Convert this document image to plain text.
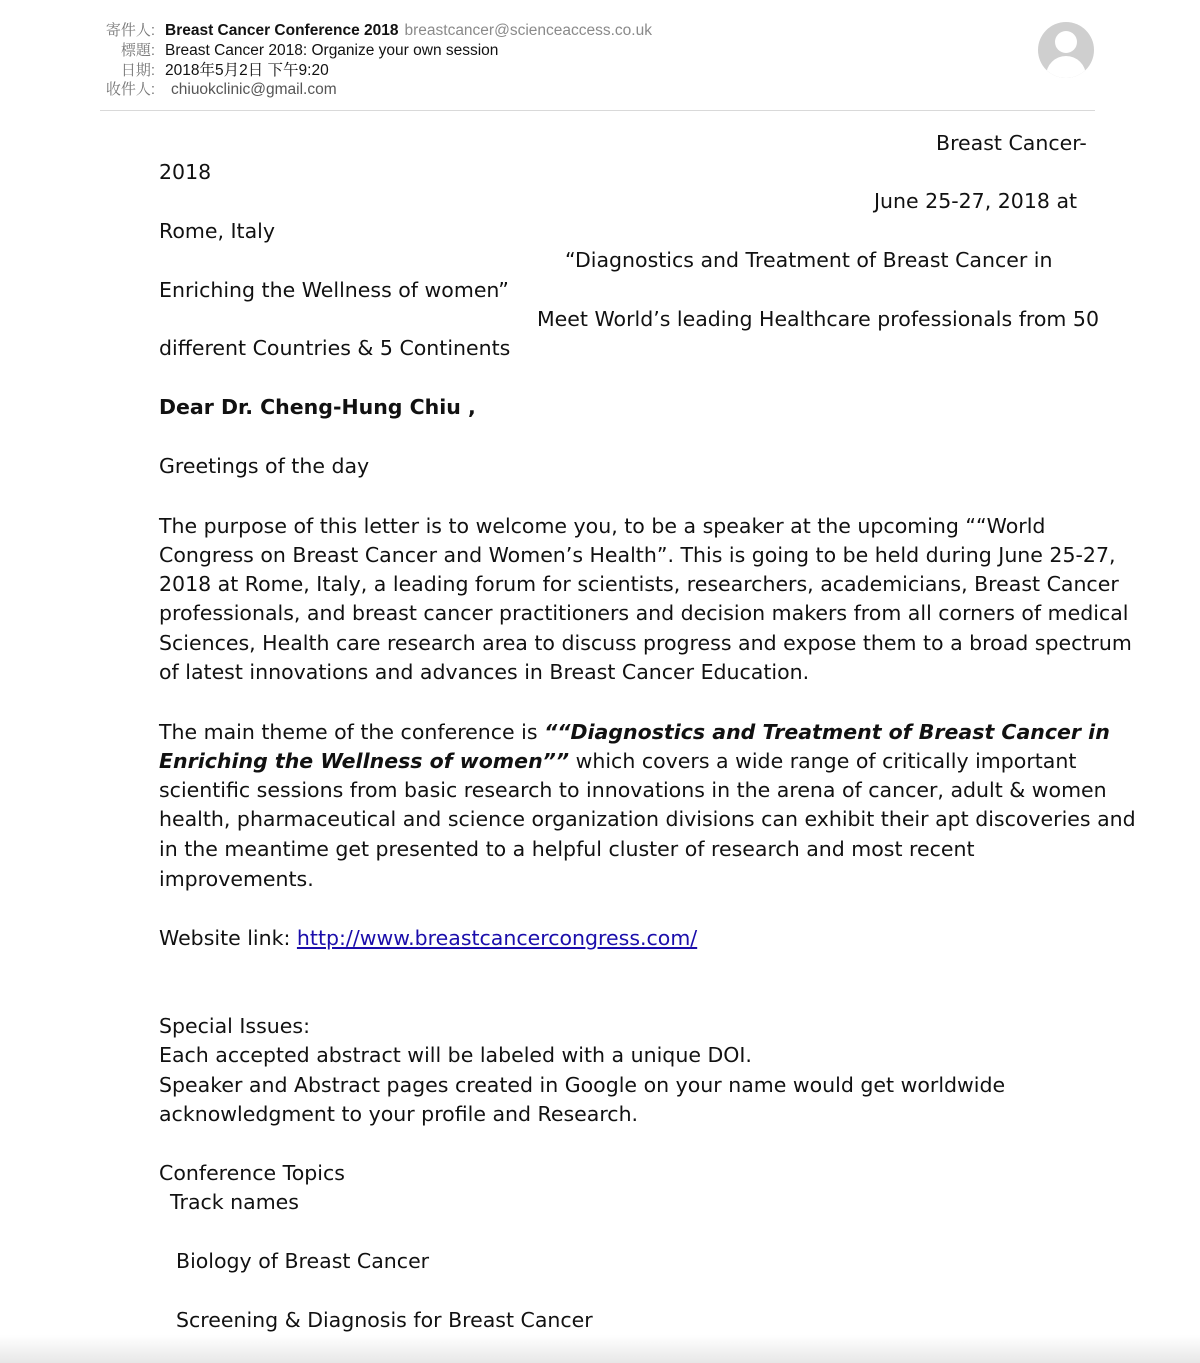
寄件人: Breast Cancer Conference 2018 breastcancer@scienceaccess.co.uk
標題: Breast Cancer 2018: Organize your own session
日期: 2018年5月2日 下午9:20
收件人: chiuokclinic@gmail.com
Breast Cancer-
2018
June 25-27, 2018 at
Rome, Italy
“Diagnostics and Treatment of Breast Cancer in
Enriching the Wellness of women”
Meet World’s leading Healthcare professionals from 50
different Countries & 5 Continents
Dear Dr. Cheng-Hung Chiu ,
Greetings of the day
The purpose of this letter is to welcome you, to be a speaker at the upcoming ““World
Congress on Breast Cancer and Women’s Health”. This is going to be held during June 25-27,
2018 at Rome, Italy, a leading forum for scientists, researchers, academicians, Breast Cancer
professionals, and breast cancer practitioners and decision makers from all corners of medical
Sciences, Health care research area to discuss progress and expose them to a broad spectrum
of latest innovations and advances in Breast Cancer Education.
The main theme of the conference is ““Diagnostics and Treatment of Breast Cancer in
Enriching the Wellness of women”” which covers a wide range of critically important
scientific sessions from basic research to innovations in the arena of cancer, adult & women
health, pharmaceutical and science organization divisions can exhibit their apt discoveries and
in the meantime get presented to a helpful cluster of research and most recent
improvements.
Website link: http://www.breastcancercongress.com/
Special Issues:
Each accepted abstract will be labeled with a unique DOI.
Speaker and Abstract pages created in Google on your name would get worldwide
acknowledgment to your profile and Research.
Conference Topics
Track names
Biology of Breast Cancer
Screening & Diagnosis for Breast Cancer
